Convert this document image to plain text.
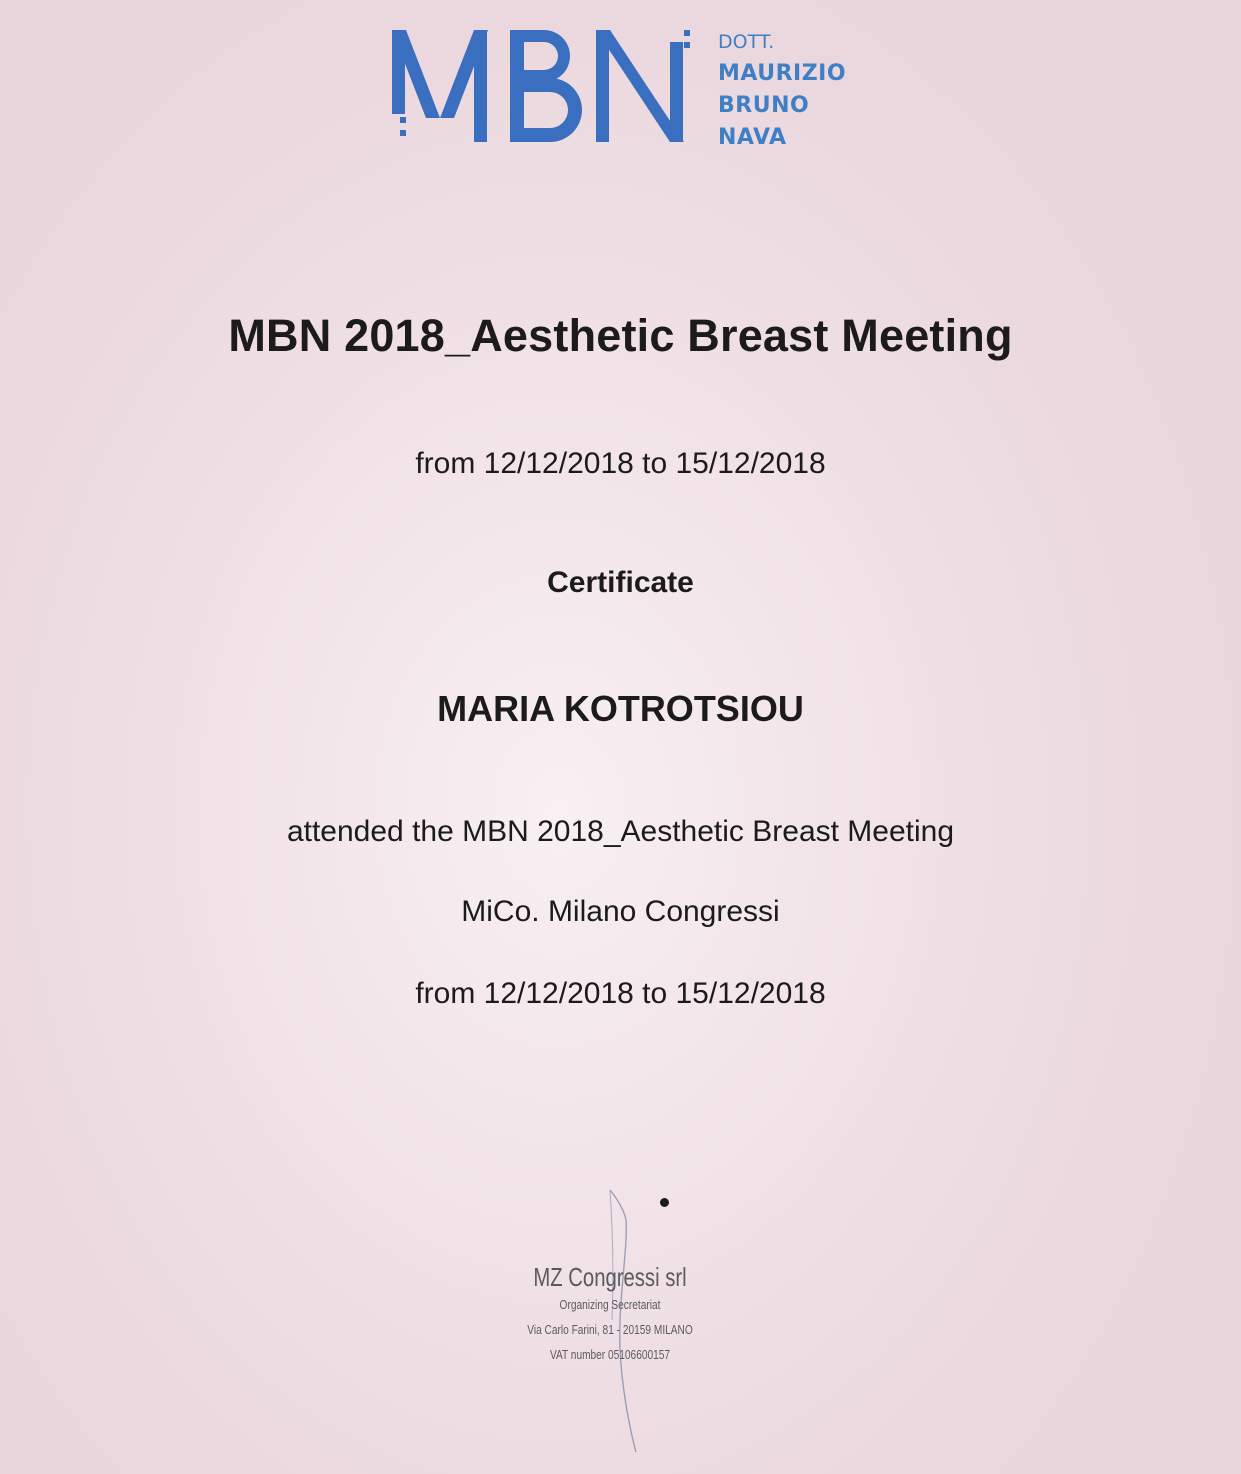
DOTT.
MAURIZIO
BRUNO
NAVA
MBN 2018_Aesthetic Breast Meeting
from 12/12/2018 to 15/12/2018
Certificate
MARIA KOTROTSIOU
attended the MBN 2018_Aesthetic Breast Meeting
MiCo. Milano Congressi
from 12/12/2018 to 15/12/2018
MZ Congressi srl
Organizing Secretariat
Via Carlo Farini, 81 - 20159 MILANO
VAT number 05106600157
